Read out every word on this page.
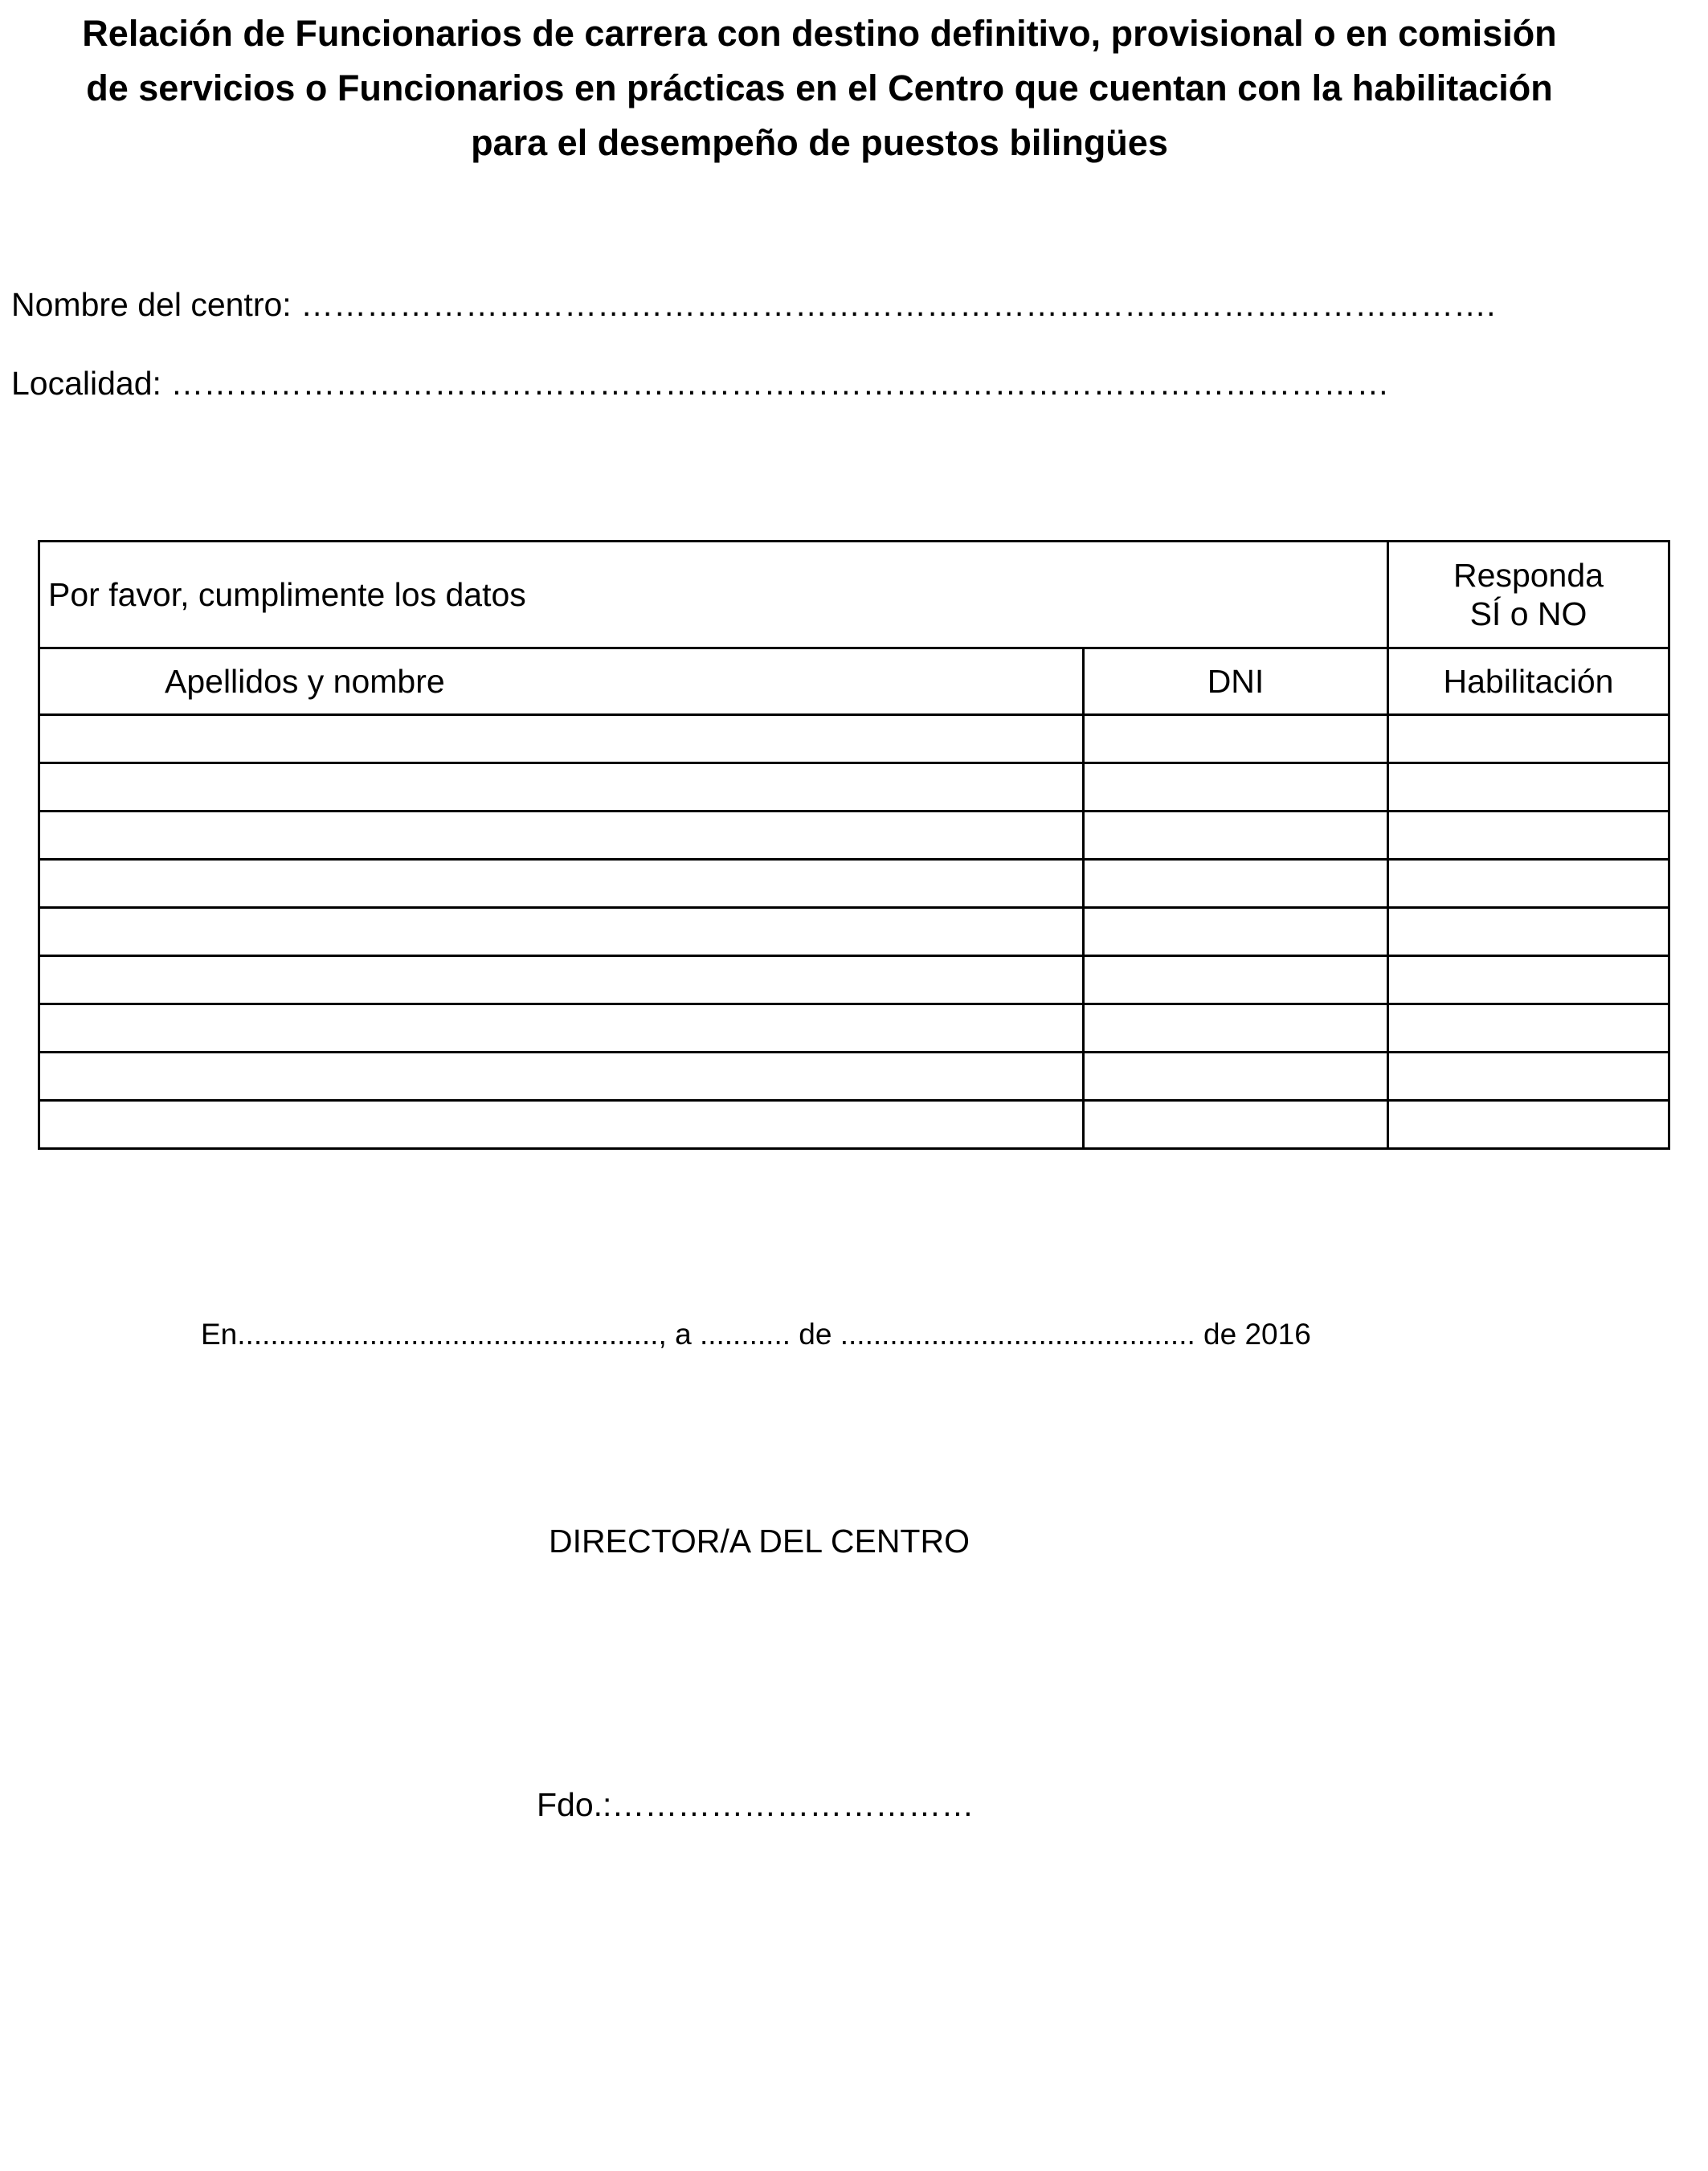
Relación de Funcionarios de carrera con destino definitivo, provisional o en comisión
de servicios o Funcionarios en prácticas en el Centro que cuentan con la habilitación
para el desempeño de puestos bilingües
Nombre del centro: ……………………………………………………………………………………………….
Localidad: …………………………………………………………………………………………………
Por favor, cumplimente los datos		Responda
SÍ o NO

Apellidos y nombre	DNI	Habilitación

En..................................................., a ........... de ........................................... de 2016
DIRECTOR/A DEL CENTRO
Fdo.:……………………………
